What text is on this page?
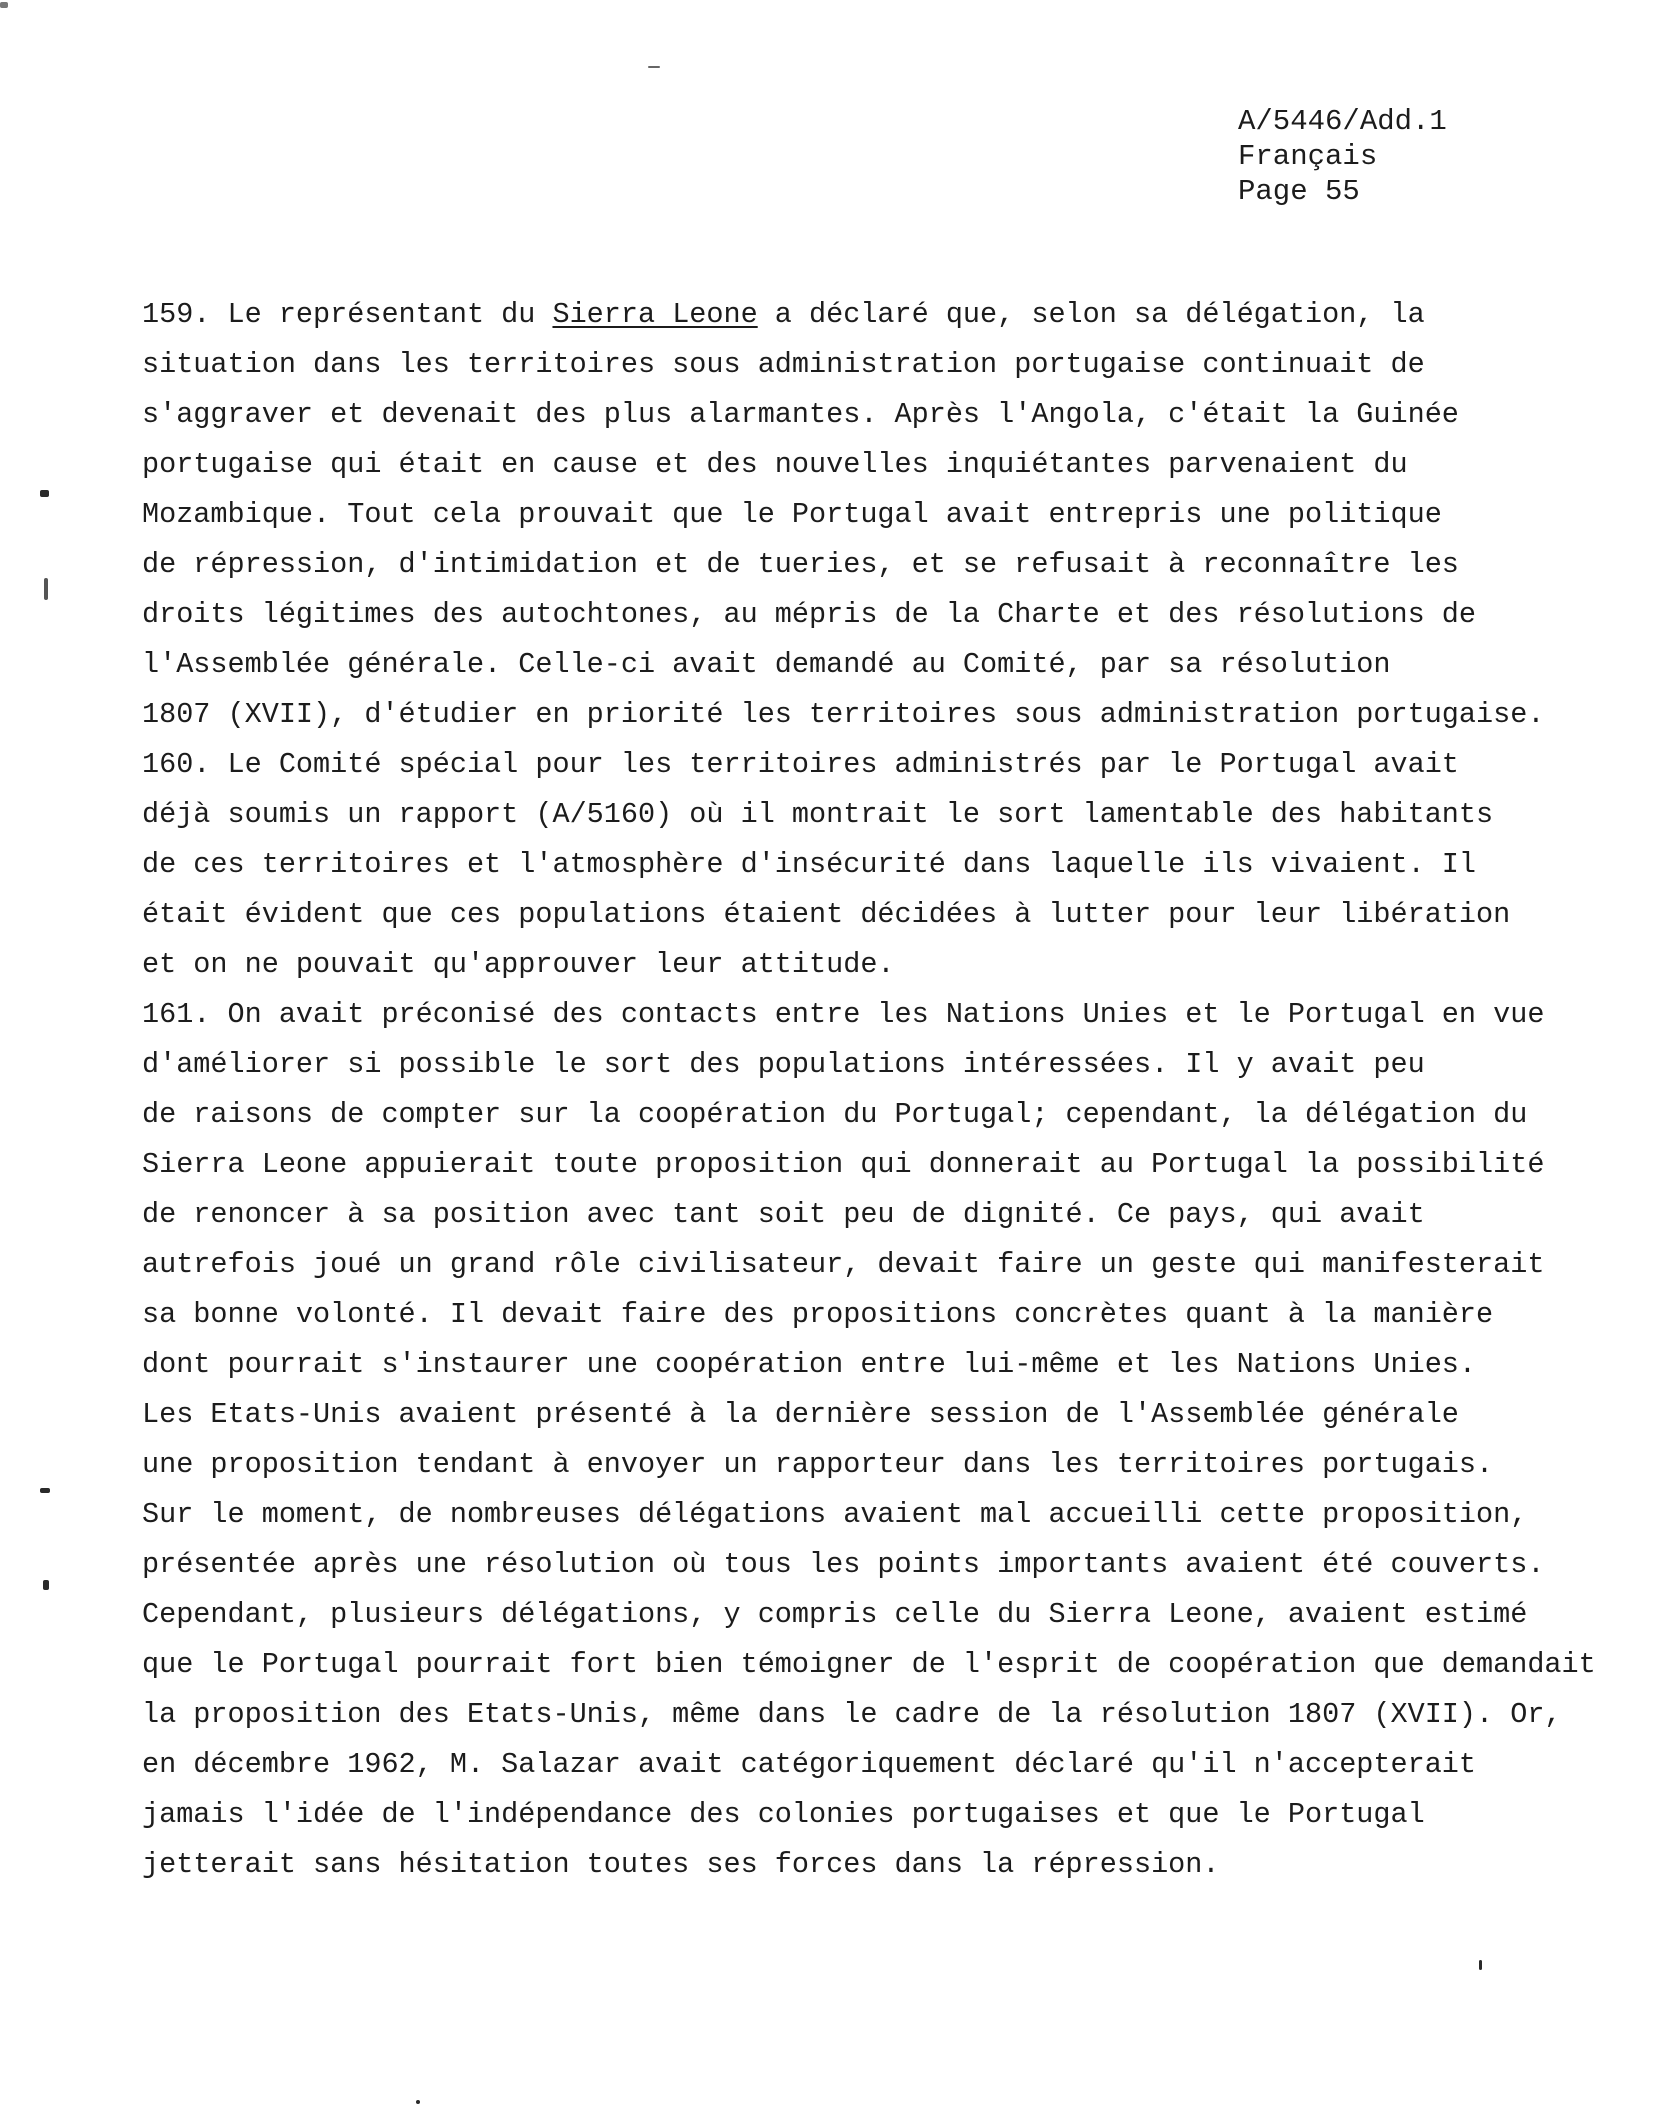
A/5446/Add.1
Français
Page 55
159. Le représentant du Sierra Leone a déclaré que, selon sa délégation, la
situation dans les territoires sous administration portugaise continuait de
s'aggraver et devenait des plus alarmantes. Après l'Angola, c'était la Guinée
portugaise qui était en cause et des nouvelles inquiétantes parvenaient du
Mozambique. Tout cela prouvait que le Portugal avait entrepris une politique
de répression, d'intimidation et de tueries, et se refusait à reconnaître les
droits légitimes des autochtones, au mépris de la Charte et des résolutions de
l'Assemblée générale. Celle-ci avait demandé au Comité, par sa résolution
1807 (XVII), d'étudier en priorité les territoires sous administration portugaise.
160. Le Comité spécial pour les territoires administrés par le Portugal avait
déjà soumis un rapport (A/5160) où il montrait le sort lamentable des habitants
de ces territoires et l'atmosphère d'insécurité dans laquelle ils vivaient. Il
était évident que ces populations étaient décidées à lutter pour leur libération
et on ne pouvait qu'approuver leur attitude.
161. On avait préconisé des contacts entre les Nations Unies et le Portugal en vue
d'améliorer si possible le sort des populations intéressées. Il y avait peu
de raisons de compter sur la coopération du Portugal; cependant, la délégation du
Sierra Leone appuierait toute proposition qui donnerait au Portugal la possibilité
de renoncer à sa position avec tant soit peu de dignité. Ce pays, qui avait
autrefois joué un grand rôle civilisateur, devait faire un geste qui manifesterait
sa bonne volonté. Il devait faire des propositions concrètes quant à la manière
dont pourrait s'instaurer une coopération entre lui-même et les Nations Unies.
Les Etats-Unis avaient présenté à la dernière session de l'Assemblée générale
une proposition tendant à envoyer un rapporteur dans les territoires portugais.
Sur le moment, de nombreuses délégations avaient mal accueilli cette proposition,
présentée après une résolution où tous les points importants avaient été couverts.
Cependant, plusieurs délégations, y compris celle du Sierra Leone, avaient estimé
que le Portugal pourrait fort bien témoigner de l'esprit de coopération que demandait
la proposition des Etats-Unis, même dans le cadre de la résolution 1807 (XVII). Or,
en décembre 1962, M. Salazar avait catégoriquement déclaré qu'il n'accepterait
jamais l'idée de l'indépendance des colonies portugaises et que le Portugal
jetterait sans hésitation toutes ses forces dans la répression.
